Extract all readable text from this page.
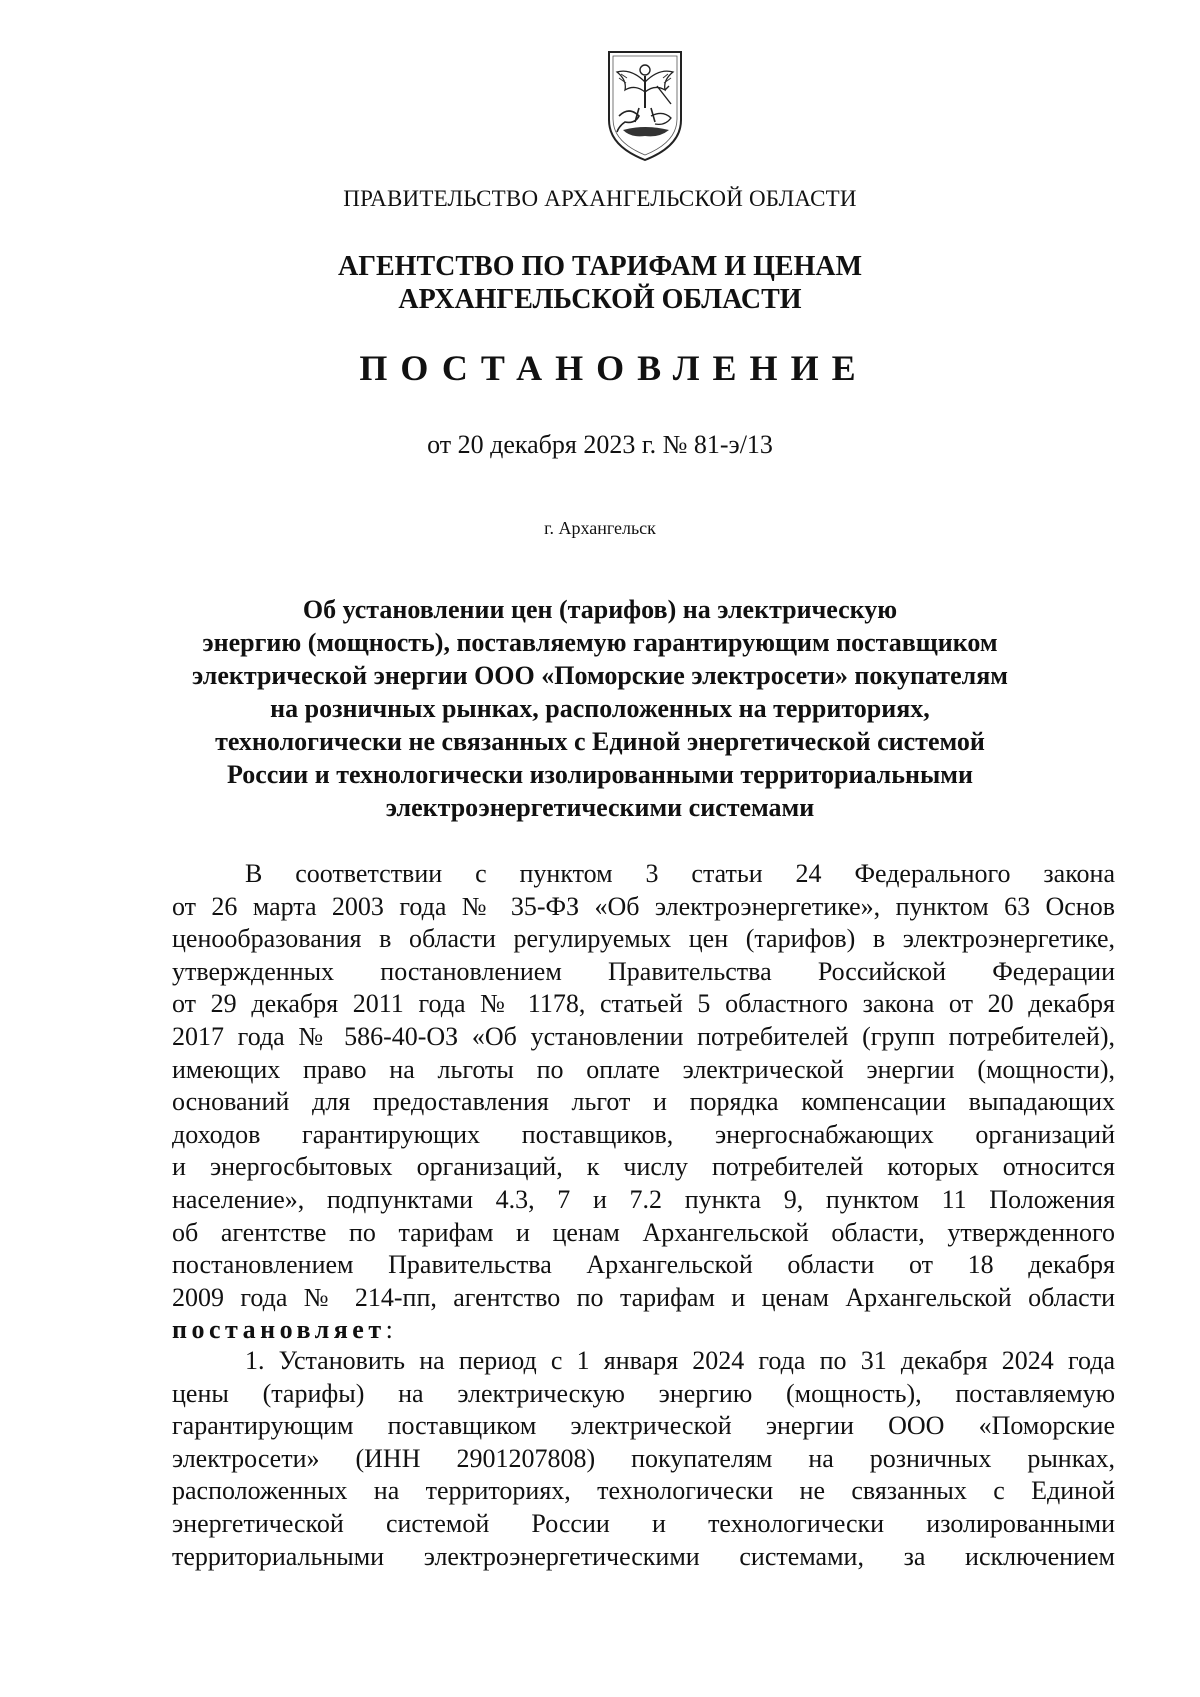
ПРАВИТЕЛЬСТВО АРХАНГЕЛЬСКОЙ ОБЛАСТИ
АГЕНТСТВО ПО ТАРИФАМ И ЦЕНАМ
АРХАНГЕЛЬСКОЙ ОБЛАСТИ
ПОСТАНОВЛЕНИЕ
от 20 декабря 2023 г. № 81-э/13
г. Архангельск
Об установлении цен (тарифов) на электрическую
энергию (мощность), поставляемую гарантирующим поставщиком
электрической энергии ООО «Поморские электросети» покупателям
на розничных рынках, расположенных на территориях,
технологически не связанных с Единой энергетической системой
России и технологически изолированными территориальными
электроэнергетическими системами
В соответствии с пунктом 3 статьи 24 Федерального закона
от 26 марта 2003 года № 35-ФЗ «Об электроэнергетике», пунктом 63 Основ
ценообразования в области регулируемых цен (тарифов) в электроэнергетике,
утвержденных постановлением Правительства Российской Федерации
от 29 декабря 2011 года № 1178, статьей 5 областного закона от 20 декабря
2017 года № 586-40-ОЗ «Об установлении потребителей (групп потребителей),
имеющих право на льготы по оплате электрической энергии (мощности),
оснований для предоставления льгот и порядка компенсации выпадающих
доходов гарантирующих поставщиков, энергоснабжающих организаций
и энергосбытовых организаций, к числу потребителей которых относится
население», подпунктами 4.3, 7 и 7.2 пункта 9, пунктом 11 Положения
об агентстве по тарифам и ценам Архангельской области, утвержденного
постановлением Правительства Архангельской области от 18 декабря
2009 года № 214-пп, агентство по тарифам и ценам Архангельской области
постановляет:
1. Установить на период с 1 января 2024 года по 31 декабря 2024 года
цены (тарифы) на электрическую энергию (мощность), поставляемую
гарантирующим поставщиком электрической энергии ООО «Поморские
электросети» (ИНН 2901207808) покупателям на розничных рынках,
расположенных на территориях, технологически не связанных с Единой
энергетической системой России и технологически изолированными
территориальными электроэнергетическими системами, за исключением
